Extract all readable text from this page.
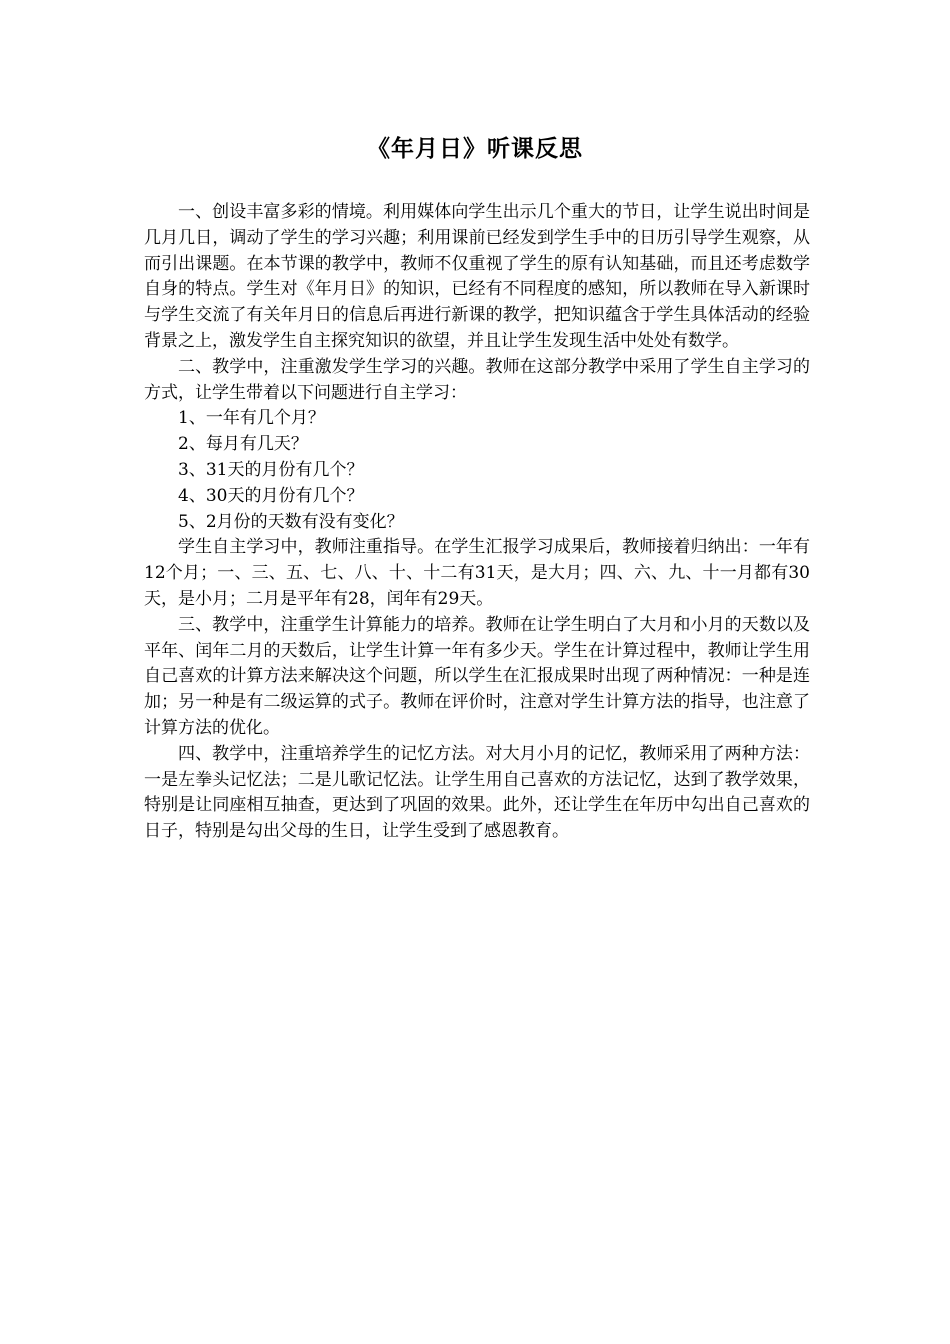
《年月日》听课反思

一、创设丰富多彩的情境。利用媒体向学生出示几个重大的节日，让学生说出时间是几月几日，调动了学生的学习兴趣；利用课前已经发到学生手中的日历引导学生观察，从而引出课题。在本节课的教学中，教师不仅重视了学生的原有认知基础，而且还考虑数学自身的特点。学生对《年月日》的知识，已经有不同程度的感知，所以教师在导入新课时与学生交流了有关年月日的信息后再进行新课的教学，把知识蕴含于学生具体活动的经验背景之上，激发学生自主探究知识的欲望，并且让学生发现生活中处处有数学。

二、教学中，注重激发学生学习的兴趣。教师在这部分教学中采用了学生自主学习的方式，让学生带着以下问题进行自主学习：

1、一年有几个月？

2、每月有几天？

3、31天的月份有几个？

4、30天的月份有几个？

5、2月份的天数有没有变化？

学生自主学习中，教师注重指导。在学生汇报学习成果后，教师接着归纳出：一年有12个月；一、三、五、七、八、十、十二有31天，是大月；四、六、九、十一月都有30天，是小月；二月是平年有28，闰年有29天。

三、教学中，注重学生计算能力的培养。教师在让学生明白了大月和小月的天数以及平年、闰年二月的天数后，让学生计算一年有多少天。学生在计算过程中，教师让学生用自己喜欢的计算方法来解决这个问题，所以学生在汇报成果时出现了两种情况：一种是连加；另一种是有二级运算的式子。教师在评价时，注意对学生计算方法的指导，也注意了计算方法的优化。

四、教学中，注重培养学生的记忆方法。对大月小月的记忆，教师采用了两种方法：一是左拳头记忆法；二是儿歌记忆法。让学生用自己喜欢的方法记忆，达到了教学效果，特别是让同座相互抽查，更达到了巩固的效果。此外，还让学生在年历中勾出自己喜欢的日子，特别是勾出父母的生日，让学生受到了感恩教育。
